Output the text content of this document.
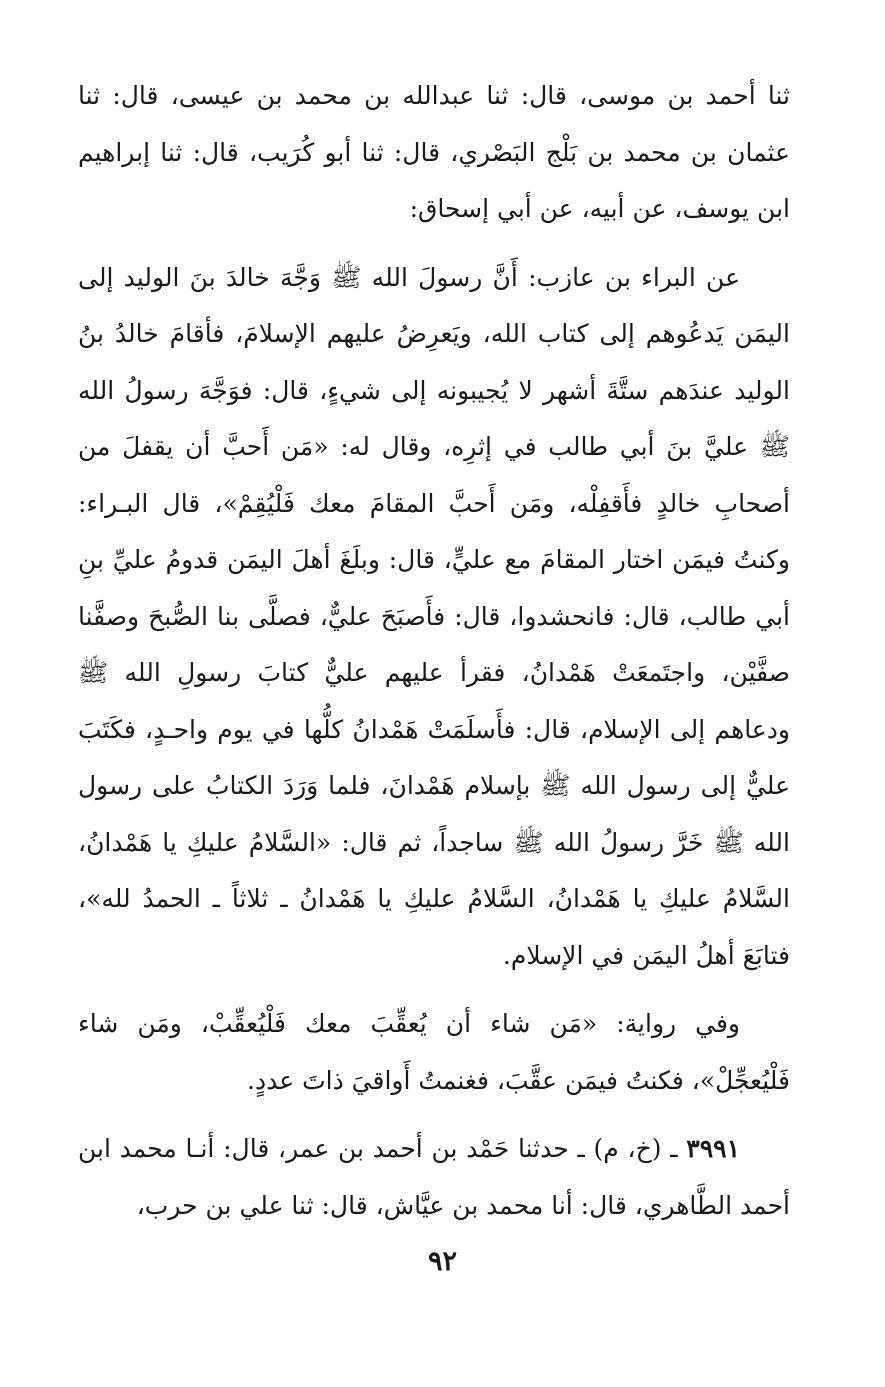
ثنا أحمد بن موسى، قال: ثنا عبدالله بن محمد بن عيسى، قال: ثنا عثمان بن محمد بن بَلْج البَصْري، قال: ثنا أبو كُرَيب، قال: ثنا إبراهيم ابن يوسف، عن أبيه، عن أبي إسحاق:

عن البراء بن عازب: أَنَّ رسولَ الله ﷺ وَجَّهَ خالدَ بنَ الوليد إلى اليمَن يَدعُوهم إلى كتاب الله، ويَعرِضُ عليهم الإسلامَ، فأقامَ خالدُ بنُ الوليد عندَهم ستَّةَ أشهر لا يُجيبونه إلى شيءٍ، قال: فوَجَّهَ رسولُ الله ﷺ عليَّ بنَ أبي طالب في إثرِه، وقال له: «مَن أَحبَّ أن يقفلَ من أصحابِ خالدٍ فأَقفِلْه، ومَن أَحبَّ المقامَ معك فَلْيُقِمْ»، قال البـراء: وكنتُ فيمَن اختار المقامَ مع عليٍّ، قال: وبلَغَ أهلَ اليمَن قدومُ عليِّ بنِ أبي طالب، قال: فانحشدوا، قال: فأَصبَحَ عليٌّ، فصلَّى بنا الصُّبحَ وصفَّنا صفَّيْن، واجتَمعَتْ هَمْدانُ، فقرأ عليهم عليٌّ كتابَ رسولِ الله ﷺ ودعاهم إلى الإسلام، قال: فأَسلَمَتْ هَمْدانُ كلُّها في يوم واحـدٍ، فكَتَبَ عليٌّ إلى رسول الله ﷺ بإسلام هَمْدانَ، فلما وَرَدَ الكتابُ على رسول الله ﷺ خَرَّ رسولُ الله ﷺ ساجداً، ثم قال: «السَّلامُ عليكِ يا هَمْدانُ، السَّلامُ عليكِ يا هَمْدانُ، السَّلامُ عليكِ يا هَمْدانُ ـ ثلاثاً ـ الحمدُ لله»، فتابَعَ أهلُ اليمَن في الإسلام.

وفي رواية: «مَن شاء أن يُعقِّبَ معك فَلْيُعقِّبْ، ومَن شاء فَلْيُعجِّلْ»، فكنتُ فيمَن عقَّبَ، فغنمتُ أَواقيَ ذاتَ عددٍ.

٣٩٩١ ـ (خ، م) ـ حدثنا حَمْد بن أحمد بن عمر، قال: أنـا محمد ابن أحمد الطَّاهري، قال: أنا محمد بن عيَّاش، قال: ثنا علي بن حرب،

٩٢
